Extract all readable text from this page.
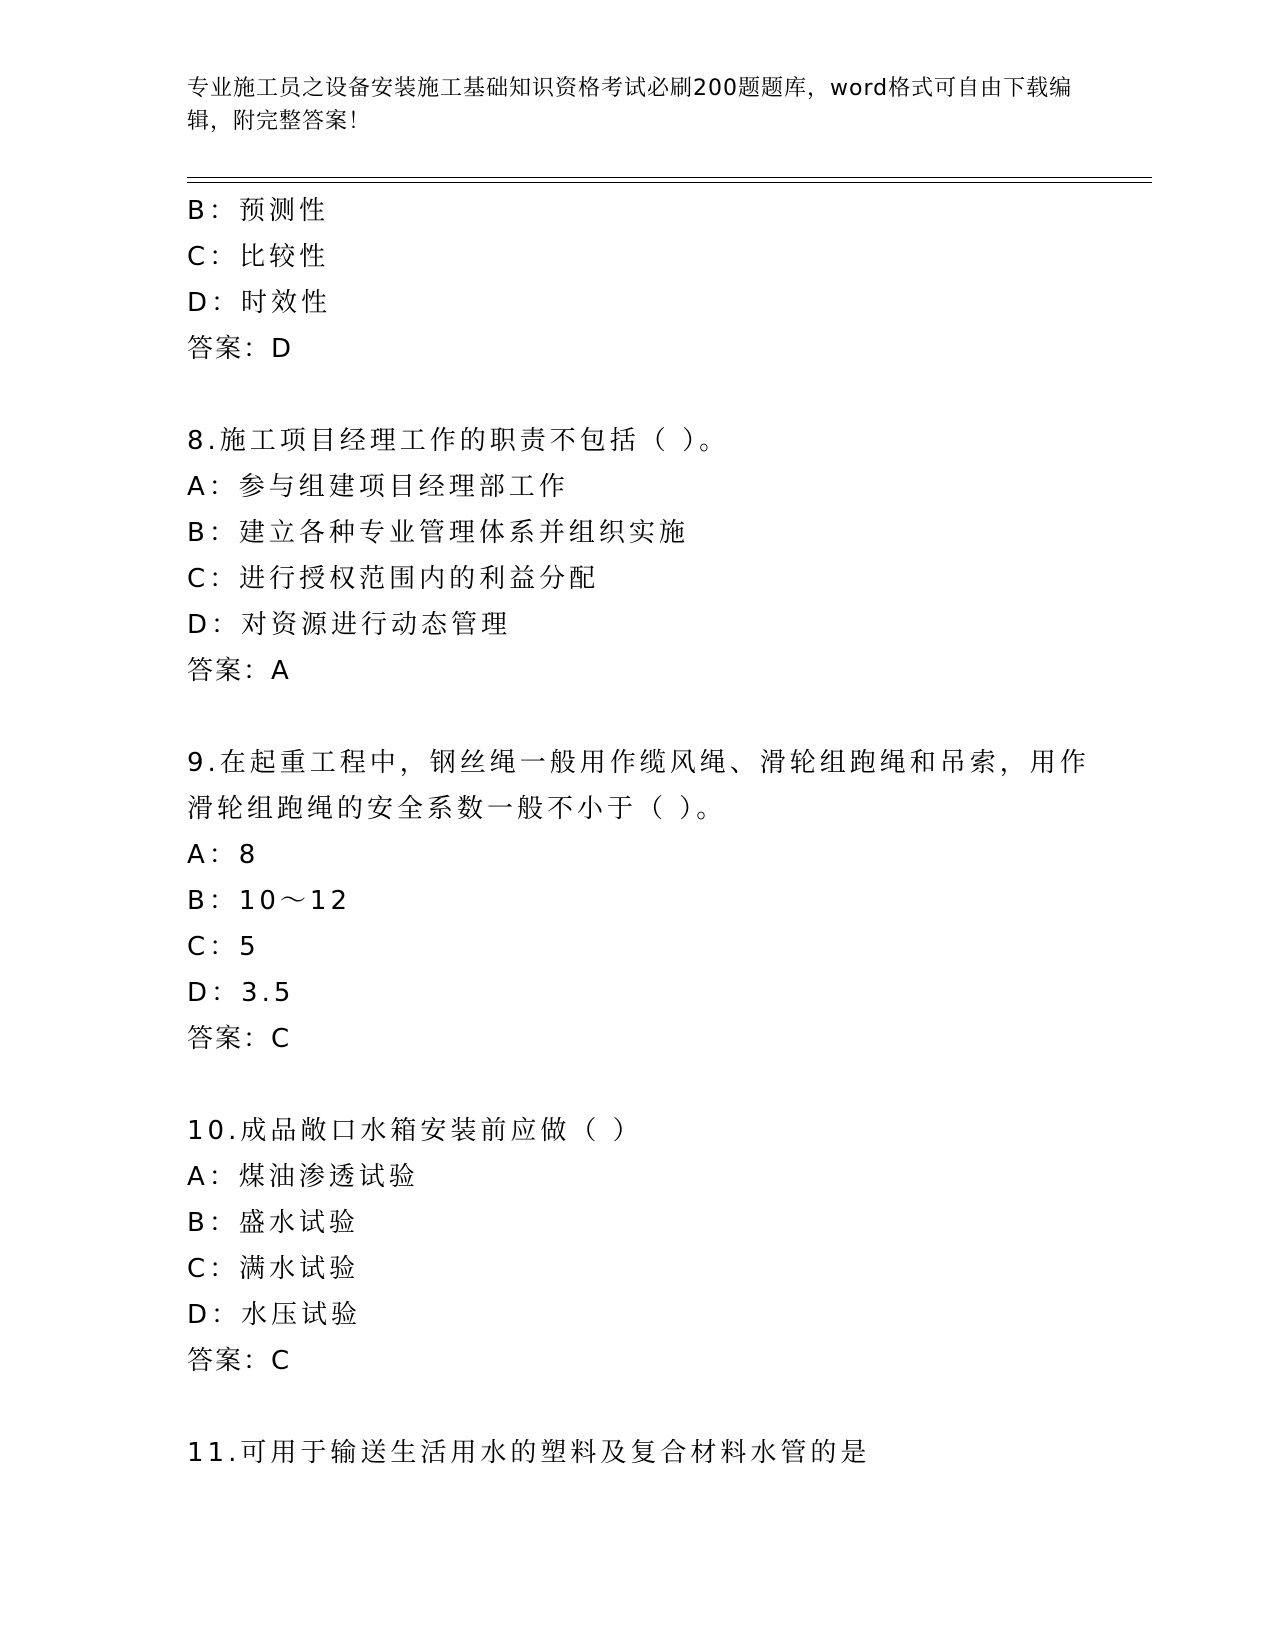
专业施工员之设备安装施工基础知识资格考试必刷200题题库，word格式可自由下载编辑，附完整答案！
B：预测性
C：比较性
D：时效性
答案：D
8.施工项目经理工作的职责不包括（ ）。
A：参与组建项目经理部工作
B：建立各种专业管理体系并组织实施
C：进行授权范围内的利益分配
D：对资源进行动态管理
答案：A
9.在起重工程中，钢丝绳一般用作缆风绳、滑轮组跑绳和吊索，用作
滑轮组跑绳的安全系数一般不小于（ ）。
A：8
B：10～12
C：5
D：3.5
答案：C
10.成品敞口水箱安装前应做（ ）
A：煤油渗透试验
B：盛水试验
C：满水试验
D：水压试验
答案：C
11.可用于输送生活用水的塑料及复合材料水管的是
